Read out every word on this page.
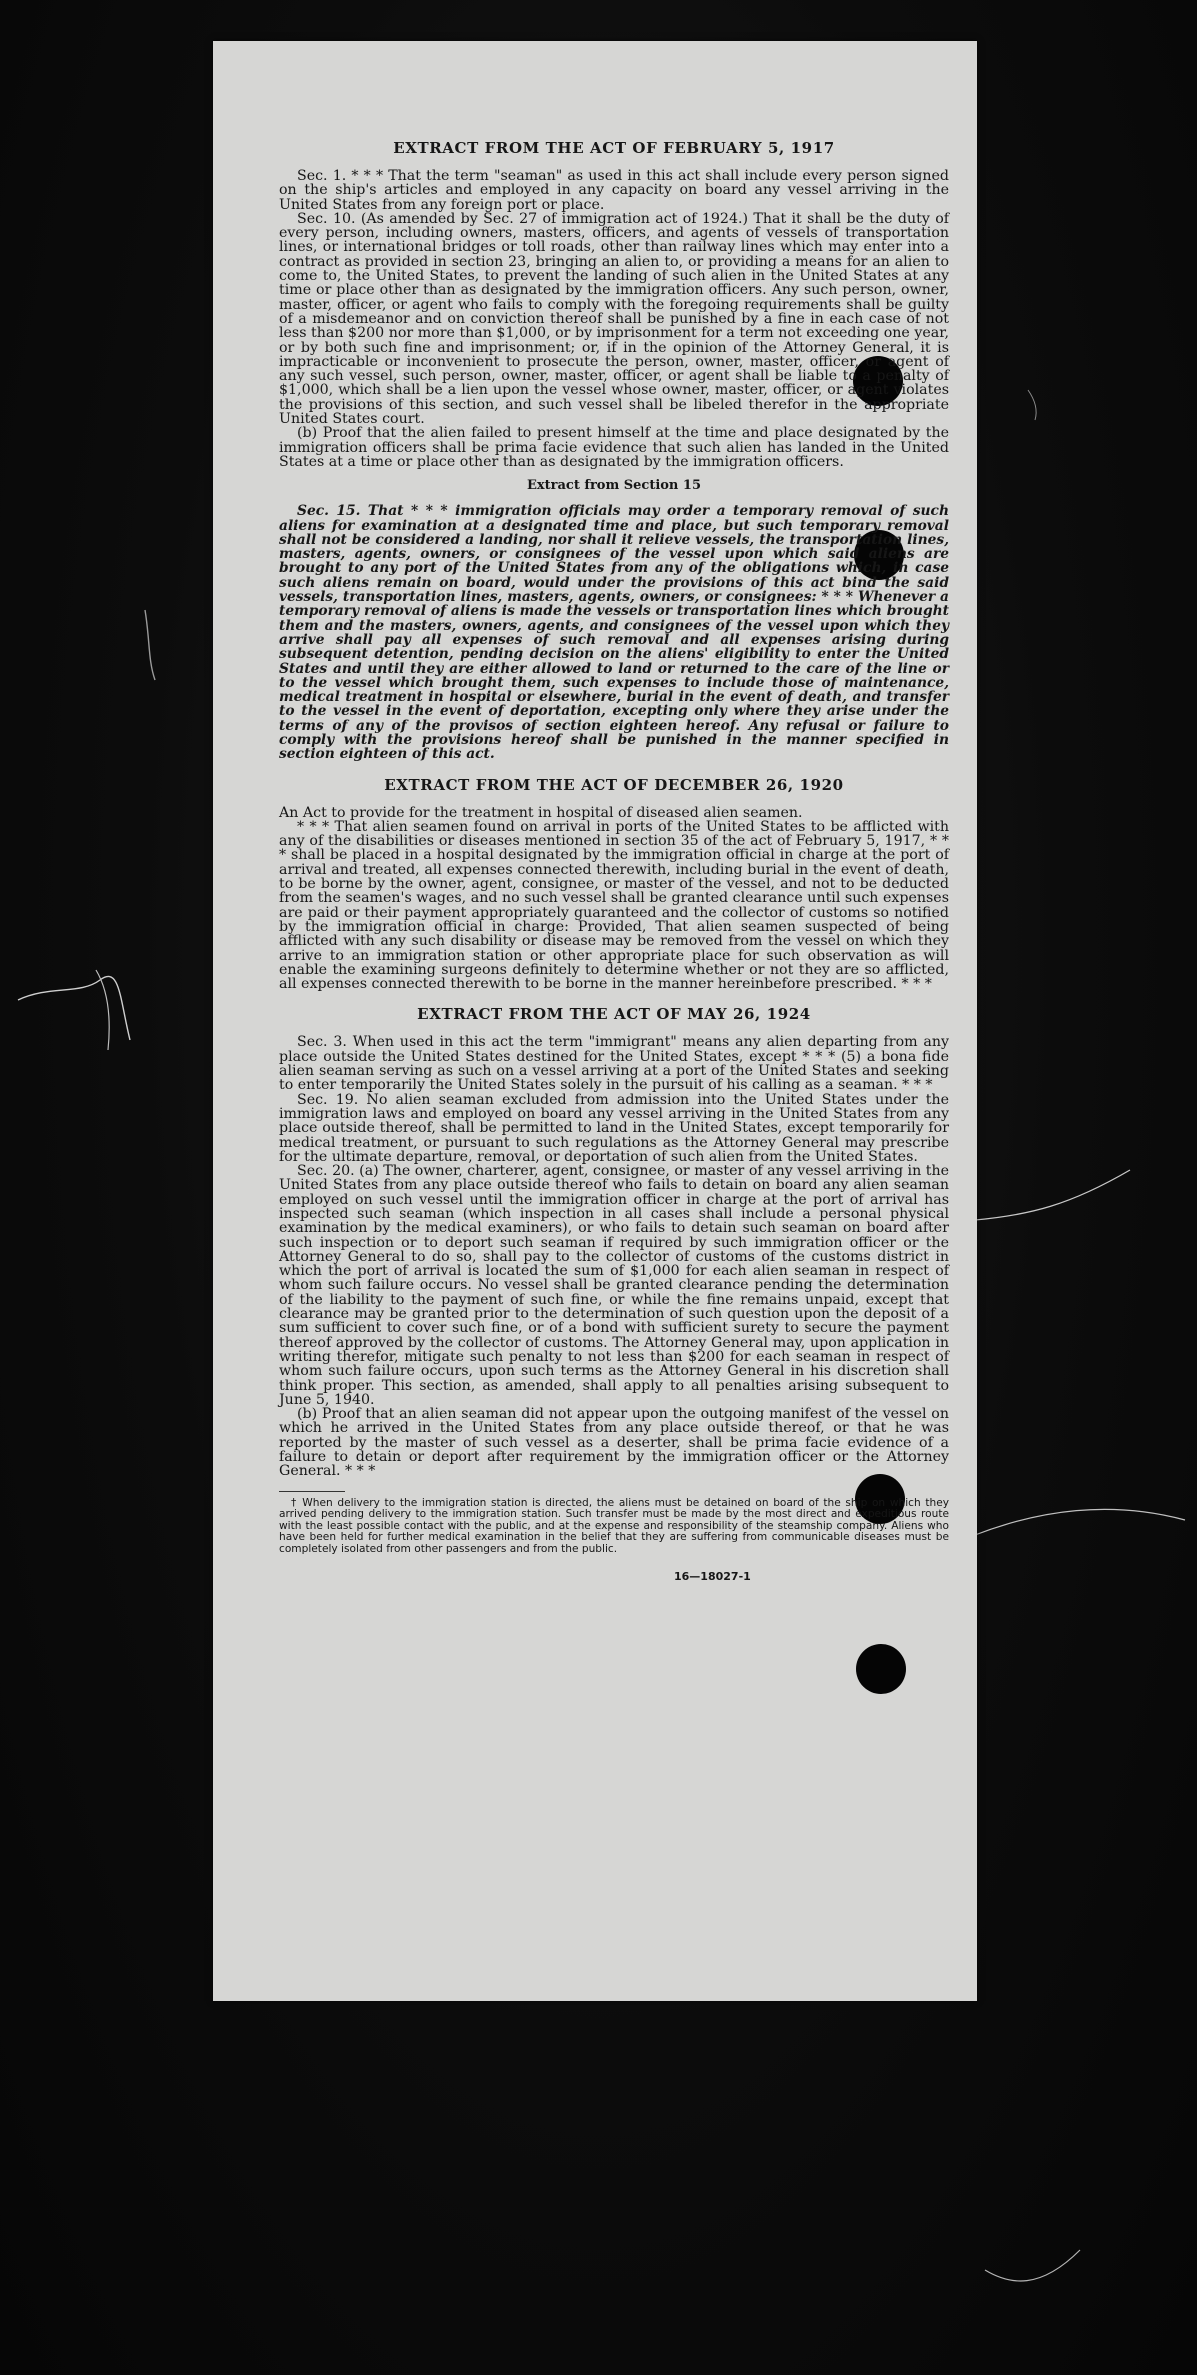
EXTRACT FROM THE ACT OF FEBRUARY 5, 1917

Sec. 1. * * * That the term "seaman" as used in this act shall include every person signed on the ship's articles and employed in any capacity on board any vessel arriving in the United States from any foreign port or place.

Sec. 10. (As amended by Sec. 27 of immigration act of 1924.) That it shall be the duty of every person, including owners, masters, officers, and agents of vessels of transportation lines, or international bridges or toll roads, other than railway lines which may enter into a contract as provided in section 23, bringing an alien to, or providing a means for an alien to come to, the United States, to prevent the landing of such alien in the United States at any time or place other than as designated by the immigration officers. Any such person, owner, master, officer, or agent who fails to comply with the foregoing requirements shall be guilty of a misdemeanor and on conviction thereof shall be punished by a fine in each case of not less than $200 nor more than $1,000, or by imprisonment for a term not exceeding one year, or by both such fine and imprisonment; or, if in the opinion of the Attorney General, it is impracticable or inconvenient to prosecute the person, owner, master, officer, or agent of any such vessel, such person, owner, master, officer, or agent shall be liable to a penalty of $1,000, which shall be a lien upon the vessel whose owner, master, officer, or agent violates the provisions of this section, and such vessel shall be libeled therefor in the appropriate United States court.

(b) Proof that the alien failed to present himself at the time and place designated by the immigration officers shall be prima facie evidence that such alien has landed in the United States at a time or place other than as designated by the immigration officers.

Extract from Section 15

Sec. 15. That * * * immigration officials may order a temporary removal of such aliens for examination at a designated time and place, but such temporary removal shall not be considered a landing, nor shall it relieve vessels, the transportation lines, masters, agents, owners, or consignees of the vessel upon which said aliens are brought to any port of the United States from any of the obligations which, in case such aliens remain on board, would under the provisions of this act bind the said vessels, transportation lines, masters, agents, owners, or consignees: * * * Whenever a temporary removal of aliens is made the vessels or transportation lines which brought them and the masters, owners, agents, and consignees of the vessel upon which they arrive shall pay all expenses of such removal and all expenses arising during subsequent detention, pending decision on the aliens' eligibility to enter the United States and until they are either allowed to land or returned to the care of the line or to the vessel which brought them, such expenses to include those of maintenance, medical treatment in hospital or elsewhere, burial in the event of death, and transfer to the vessel in the event of deportation, excepting only where they arise under the terms of any of the provisos of section eighteen hereof. Any refusal or failure to comply with the provisions hereof shall be punished in the manner specified in section eighteen of this act.

EXTRACT FROM THE ACT OF DECEMBER 26, 1920

An Act to provide for the treatment in hospital of diseased alien seamen.

* * * That alien seamen found on arrival in ports of the United States to be afflicted with any of the disabilities or diseases mentioned in section 35 of the act of February 5, 1917, * * * shall be placed in a hospital designated by the immigration official in charge at the port of arrival and treated, all expenses connected therewith, including burial in the event of death, to be borne by the owner, agent, consignee, or master of the vessel, and not to be deducted from the seamen's wages, and no such vessel shall be granted clearance until such expenses are paid or their payment appropriately guaranteed and the collector of customs so notified by the immigration official in charge: Provided, That alien seamen suspected of being afflicted with any such disability or disease may be removed from the vessel on which they arrive to an immigration station or other appropriate place for such observation as will enable the examining surgeons definitely to determine whether or not they are so afflicted, all expenses connected therewith to be borne in the manner hereinbefore prescribed. * * *

EXTRACT FROM THE ACT OF MAY 26, 1924

Sec. 3. When used in this act the term "immigrant" means any alien departing from any place outside the United States destined for the United States, except * * * (5) a bona fide alien seaman serving as such on a vessel arriving at a port of the United States and seeking to enter temporarily the United States solely in the pursuit of his calling as a seaman. * * *

Sec. 19. No alien seaman excluded from admission into the United States under the immigration laws and employed on board any vessel arriving in the United States from any place outside thereof, shall be permitted to land in the United States, except temporarily for medical treatment, or pursuant to such regulations as the Attorney General may prescribe for the ultimate departure, removal, or deportation of such alien from the United States.

Sec. 20. (a) The owner, charterer, agent, consignee, or master of any vessel arriving in the United States from any place outside thereof who fails to detain on board any alien seaman employed on such vessel until the immigration officer in charge at the port of arrival has inspected such seaman (which inspection in all cases shall include a personal physical examination by the medical examiners), or who fails to detain such seaman on board after such inspection or to deport such seaman if required by such immigration officer or the Attorney General to do so, shall pay to the collector of customs of the customs district in which the port of arrival is located the sum of $1,000 for each alien seaman in respect of whom such failure occurs. No vessel shall be granted clearance pending the determination of the liability to the payment of such fine, or while the fine remains unpaid, except that clearance may be granted prior to the determination of such question upon the deposit of a sum sufficient to cover such fine, or of a bond with sufficient surety to secure the payment thereof approved by the collector of customs. The Attorney General may, upon application in writing therefor, mitigate such penalty to not less than $200 for each seaman in respect of whom such failure occurs, upon such terms as the Attorney General in his discretion shall think proper. This section, as amended, shall apply to all penalties arising subsequent to June 5, 1940.

(b) Proof that an alien seaman did not appear upon the outgoing manifest of the vessel on which he arrived in the United States from any place outside thereof, or that he was reported by the master of such vessel as a deserter, shall be prima facie evidence of a failure to detain or deport after requirement by the immigration officer or the Attorney General. * * *

† When delivery to the immigration station is directed, the aliens must be detained on board of the ship on which they arrived pending delivery to the immigration station. Such transfer must be made by the most direct and expeditious route with the least possible contact with the public, and at the expense and responsibility of the steamship company. Aliens who have been held for further medical examination in the belief that they are suffering from communicable diseases must be completely isolated from other passengers and from the public.

16—18027-1
